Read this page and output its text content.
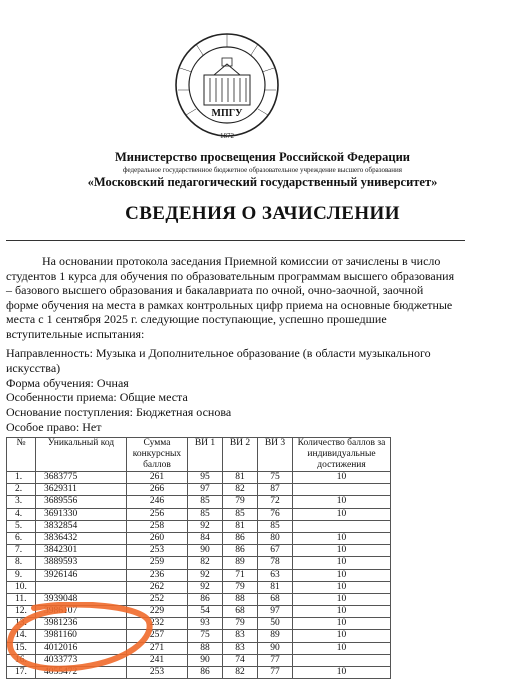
МПГУ
1872
Министерство просвещения Российской Федерации
федеральное государственное бюджетное образовательное учреждение высшего образования
«Московский педагогический государственный университет»
СВЕДЕНИЯ О ЗАЧИСЛЕНИИ
На основании протокола заседания Приемной комиссии от зачислены в число
студентов 1 курса для обучения по образовательным программам высшего образования
– базового высшего образования и бакалавриата по очной, очно-заочной, заочной
форме обучения на места в рамках контрольных цифр приема на основные бюджетные
места с 1 сентября 2025 г. следующие поступающие, успешно прошедшие
вступительные испытания:
Направленность: Музыка и Дополнительное образование (в области музыкального
искусства)
Форма обучения: Очная
Особенности приема: Общие места
Основание поступления: Бюджетная основа
Особое право: Нет
№	Уникальный код	Сумма конкурсных баллов	ВИ 1	ВИ 2	ВИ 3	Количество баллов за индивидуальные достижения
1.	3683775	261	95	81	75	10
2.	3629311	266	97	82	87	
3.	3689556	246	85	79	72	10
4.	3691330	256	85	85	76	10
5.	3832854	258	92	81	85	
6.	3836432	260	84	86	80	10
7.	3842301	253	90	86	67	10
8.	3889593	259	82	89	78	10
9.	3926146	236	92	71	63	10
10.		262	92	79	81	10
11.	3939048	252	86	88	68	10
12.	3986107	229	54	68	97	10
13.	3981236	232	93	79	50	10
14.	3981160	257	75	83	89	10
15.	4012016	271	88	83	90	10
16.	4033773	241	90	74	77	
17.	4055472	253	86	82	77	10
